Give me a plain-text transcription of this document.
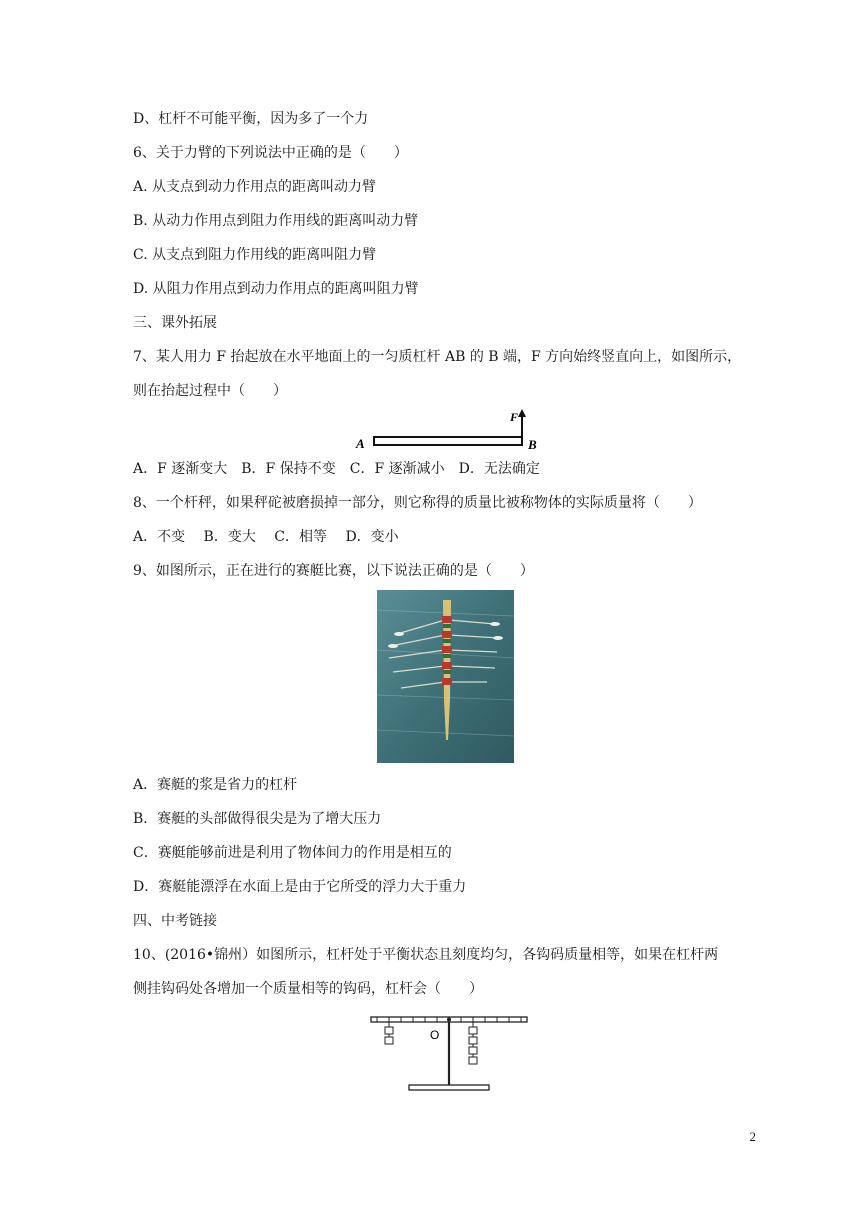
D、杠杆不可能平衡，因为多了一个力
6、关于力臂的下列说法中正确的是（　　）
A. 从支点到动力作用点的距离叫动力臂
B. 从动力作用点到阻力作用线的距离叫动力臂
C. 从支点到阻力作用线的距离叫阻力臂
D. 从阻力作用点到动力作用点的距离叫阻力臂
三、课外拓展
7、某人用力 F 抬起放在水平地面上的一匀质杠杆 AB 的 B 端，F 方向始终竖直向上，如图所示，
则在抬起过程中（　　）
A	B
F
A．F 逐渐变大　B．F 保持不变　C．F 逐渐减小　D．无法确定
8、一个杆秤，如果秤砣被磨损掉一部分，则它称得的质量比被称物体的实际质量将（　　）
A．不变　 B．变大　 C．相等　 D．变小
9、如图所示，正在进行的赛艇比赛，以下说法正确的是（　　）
A．赛艇的浆是省力的杠杆
B．赛艇的头部做得很尖是为了增大压力
C．赛艇能够前进是利用了物体间力的作用是相互的
D．赛艇能漂浮在水面上是由于它所受的浮力大于重力
四、中考链接
10、(2016•锦州）如图所示，杠杆处于平衡状态且刻度均匀，各钩码质量相等，如果在杠杆两
侧挂钩码处各增加一个质量相等的钩码，杠杆会（　　）
O
2
